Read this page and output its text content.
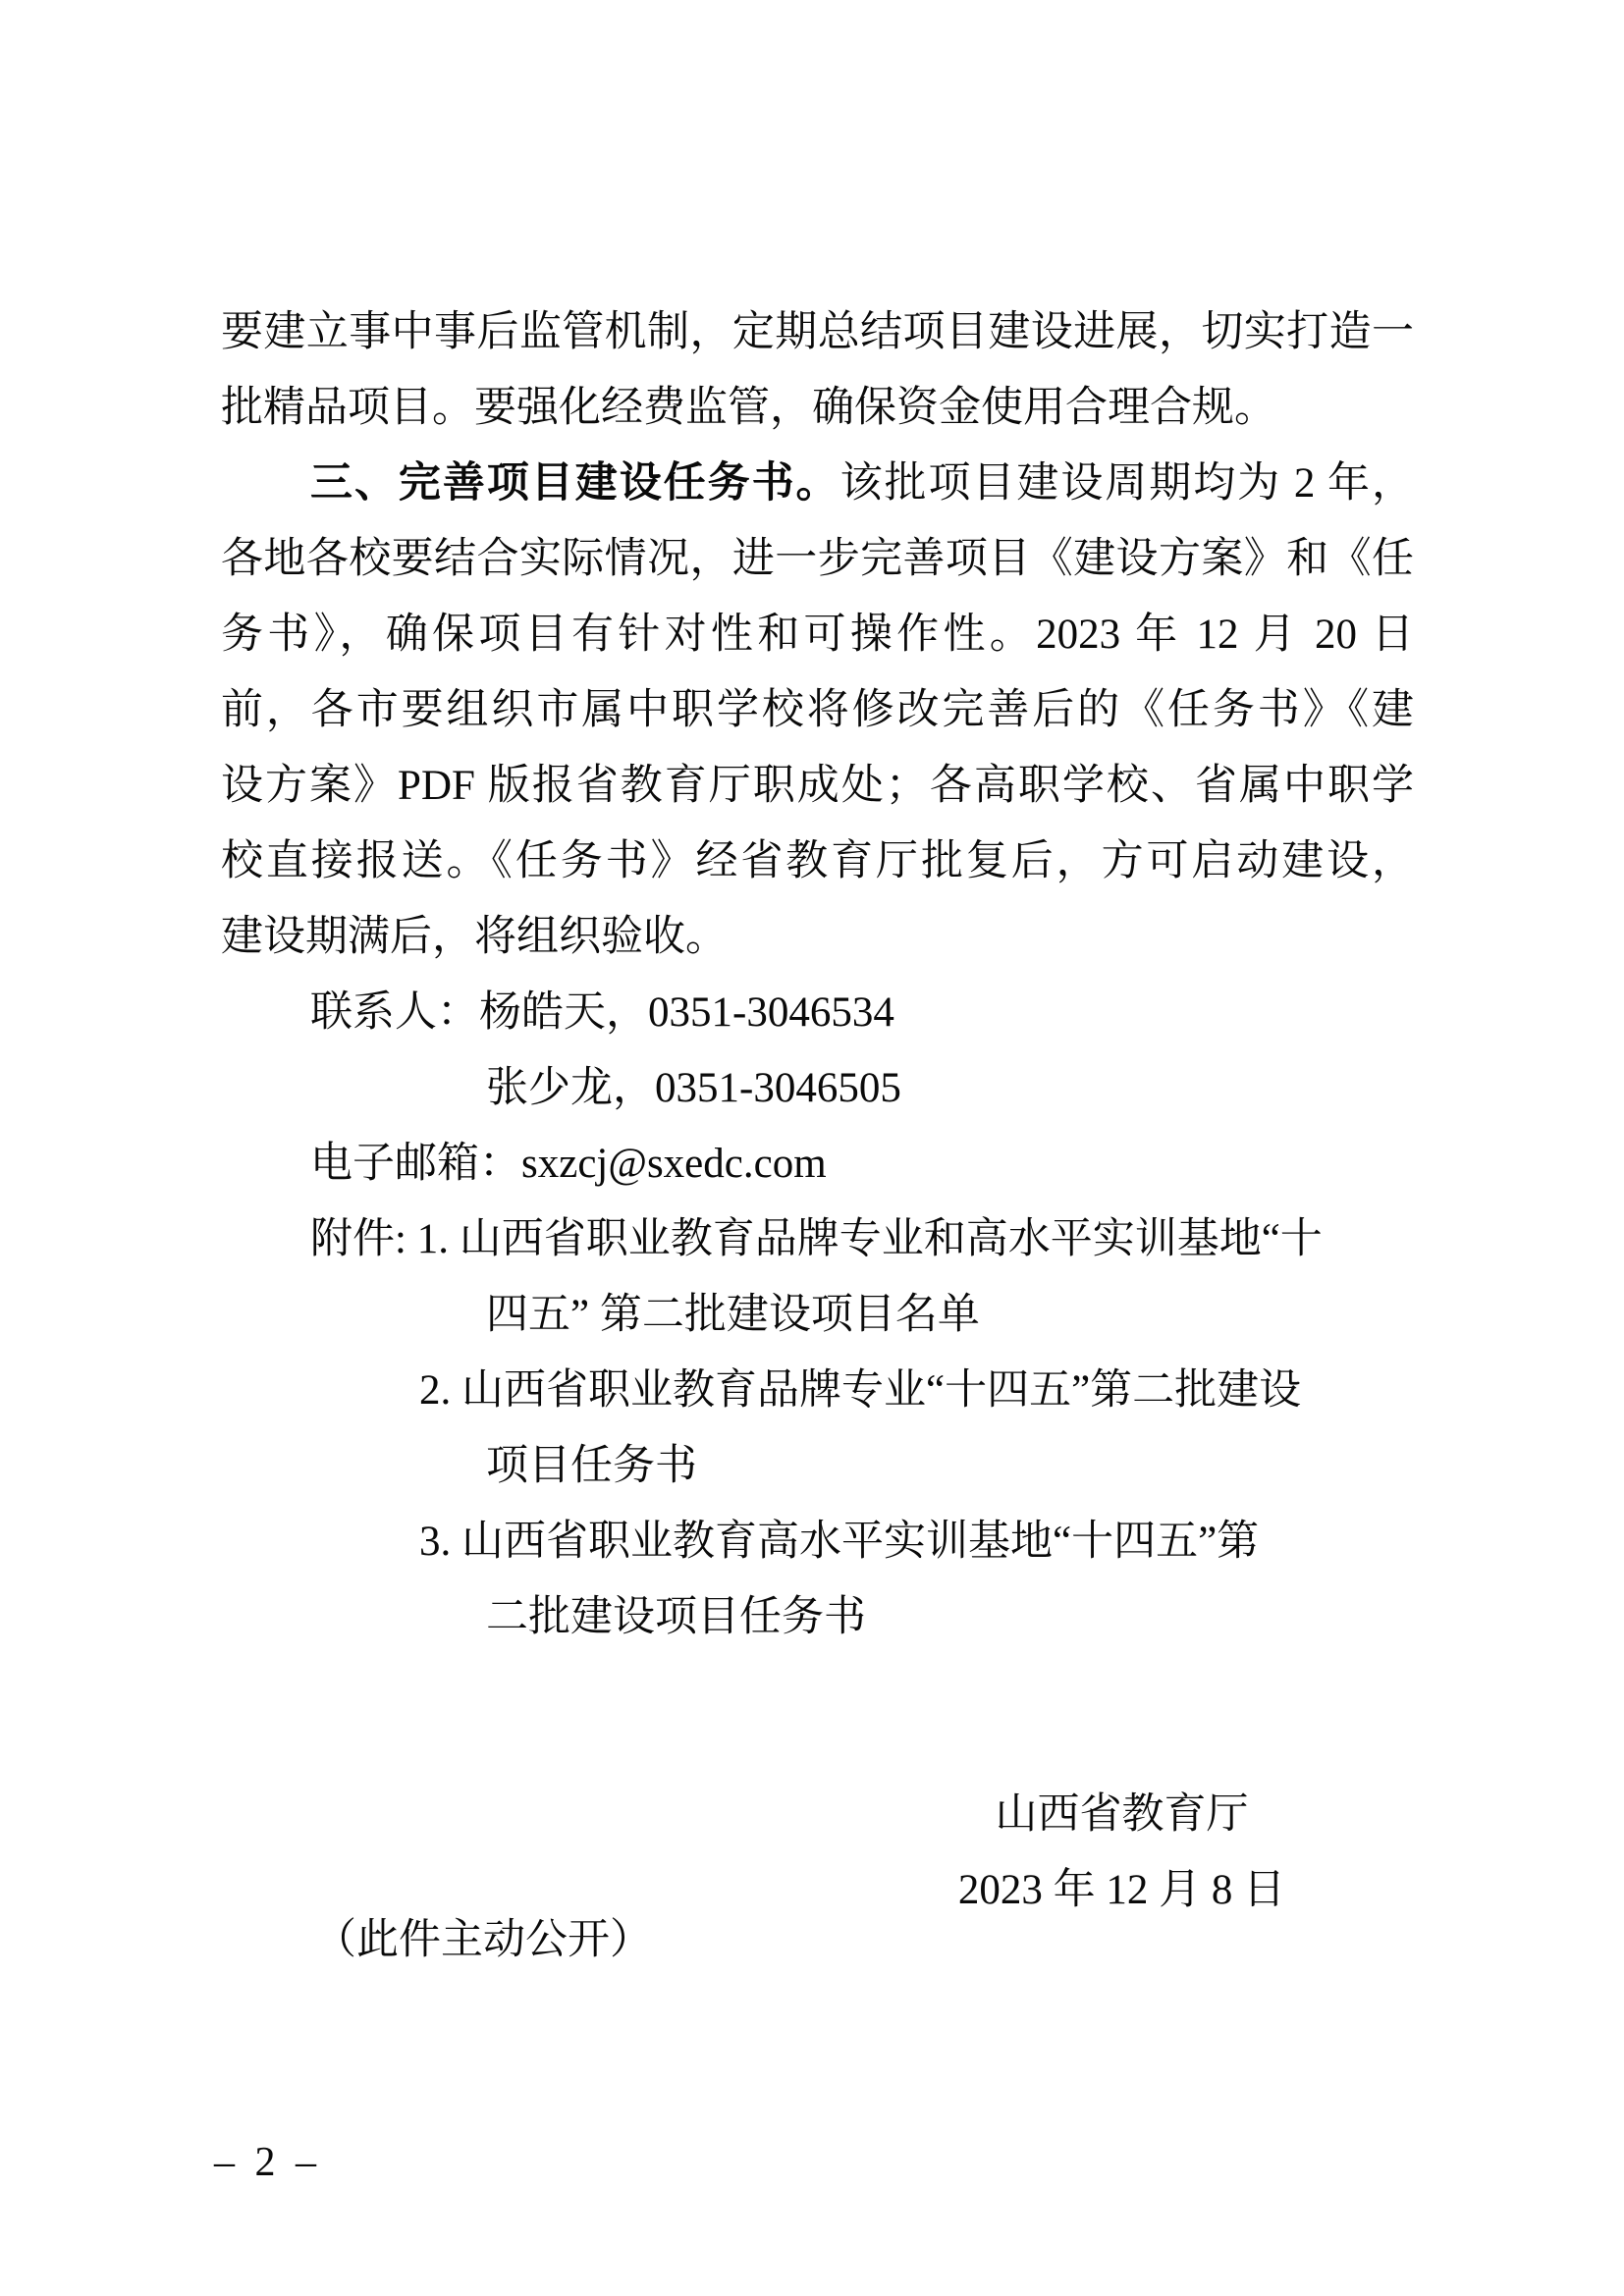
要建立事中事后监管机制，定期总结项目建设进展，切实打造一
批精品项目。要强化经费监管，确保资金使用合理合规。
三、完善项目建设任务书。该批项目建设周期均为 2 年，
各地各校要结合实际情况，进一步完善项目《建设方案》和《任
务书》，确保项目有针对性和可操作性。2023 年 12 月 20 日
前，各市要组织市属中职学校将修改完善后的《任务书》《建
设方案》PDF 版报省教育厅职成处；各高职学校、省属中职学
校直接报送。《任务书》经省教育厅批复后，方可启动建设，
建设期满后，将组织验收。
联系人：杨皓天，0351-3046534
张少龙，0351-3046505
电子邮箱：sxzcj@sxedc.com
附件: 1. 山西省职业教育品牌专业和高水平实训基地“十
四五” 第二批建设项目名单
2. 山西省职业教育品牌专业“十四五”第二批建设
项目任务书
3. 山西省职业教育高水平实训基地“十四五”第
二批建设项目任务书
山西省教育厅
2023 年 12 月 8 日
（此件主动公开）
– 2 –
